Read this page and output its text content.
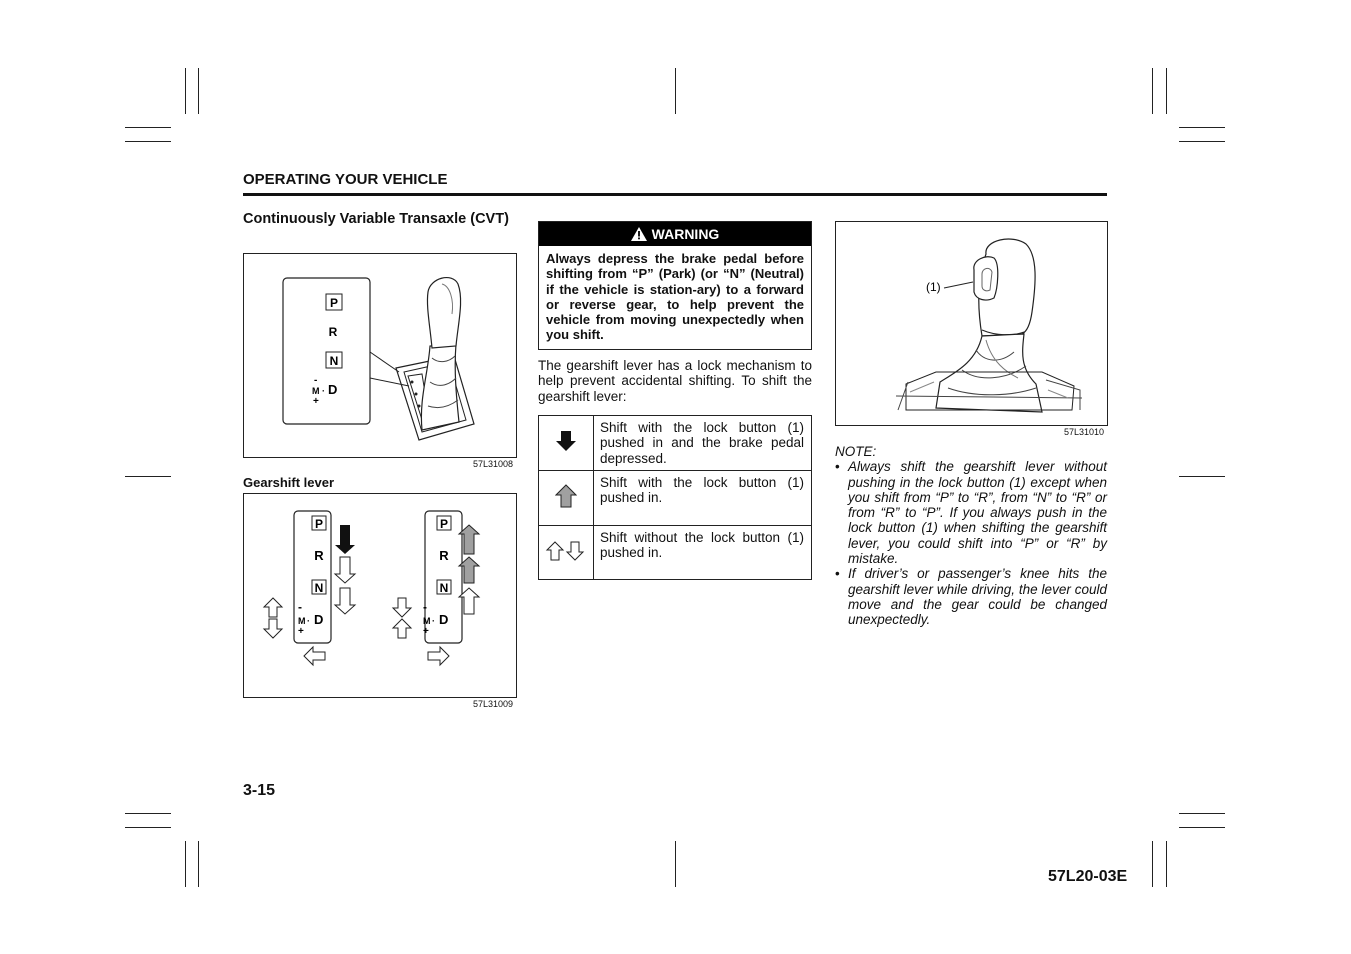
OPERATING YOUR VEHICLE
Continuously Variable Transaxle (CVT)
P
R
N
-
M · D
+
57L31008
Gearshift lever
P
R
N
-
M · D
+
P
R
N
-
M · D
+
57L31009
WARNING
Always depress the brake pedal before shifting from “P” (Park) (or “N” (Neutral) if the vehicle is station-ary) to a forward or reverse gear, to help prevent the vehicle from moving unexpectedly when you shift.
The gearshift lever has a lock mechanism to help prevent accidental shifting. To shift the gearshift lever:
	Shift with the lock button (1) pushed in and the brake pedal depressed.
	Shift with the lock button (1) pushed in.
	Shift without the lock button (1) pushed in.
(1)
57L31010
NOTE:
• Always shift the gearshift lever without pushing in the lock button (1) except when you shift from “P” to “R”, from “N” to “R” or from “R” to “P”. If you always push in the lock button (1) when shifting the gearshift lever, you could shift into “P” or “R” by mistake.
• If driver’s or passenger’s knee hits the gearshift lever while driving, the lever could move and the gear could be changed unexpectedly.
3-15
57L20-03E
